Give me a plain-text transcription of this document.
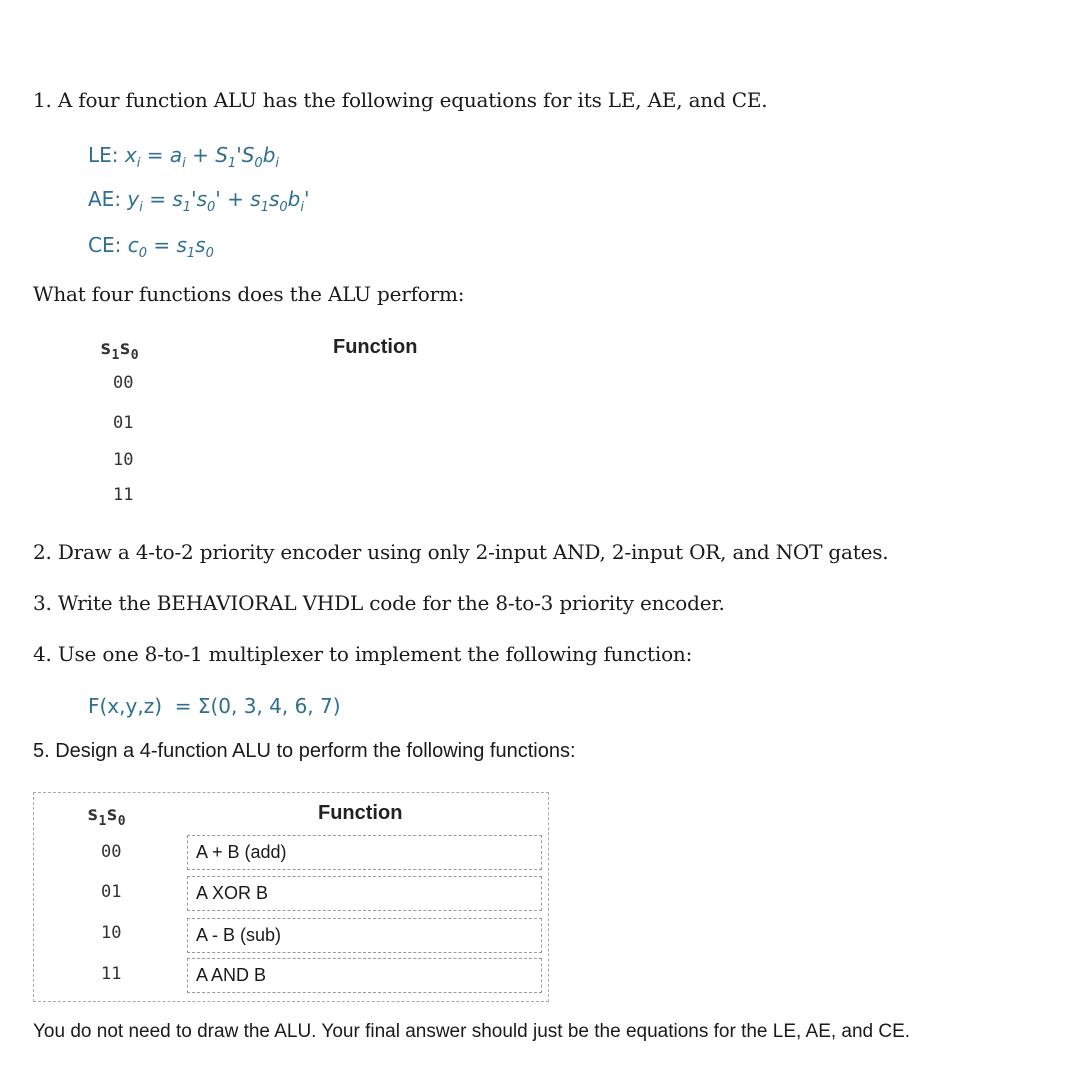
1. A four function ALU has the following equations for its LE, AE, and CE.
LE: $x_i = a_i + S_1'S_0b_i$
AE: $y_i = s_1's_0' + s_1s_0b_i'$
CE: $c_0 = s_1s_0$
What four functions does the ALU perform:
$s_1s_0$	Function
00
01
10
11
2. Draw a 4-to-2 priority encoder using only 2-input AND, 2-input OR, and NOT gates.
3. Write the BEHAVIORAL VHDL code for the 8-to-3 priority encoder.
4. Use one 8-to-1 multiplexer to implement the following function:
F(x,y,z)  = Σ(0, 3, 4, 6, 7)
5. Design a 4-function ALU to perform the following functions:
$s_1s_0$	Function
00	A + B (add)
01	A XOR B
10	A - B (sub)
11	A AND B
You do not need to draw the ALU. Your final answer should just be the equations for the LE, AE, and CE.
